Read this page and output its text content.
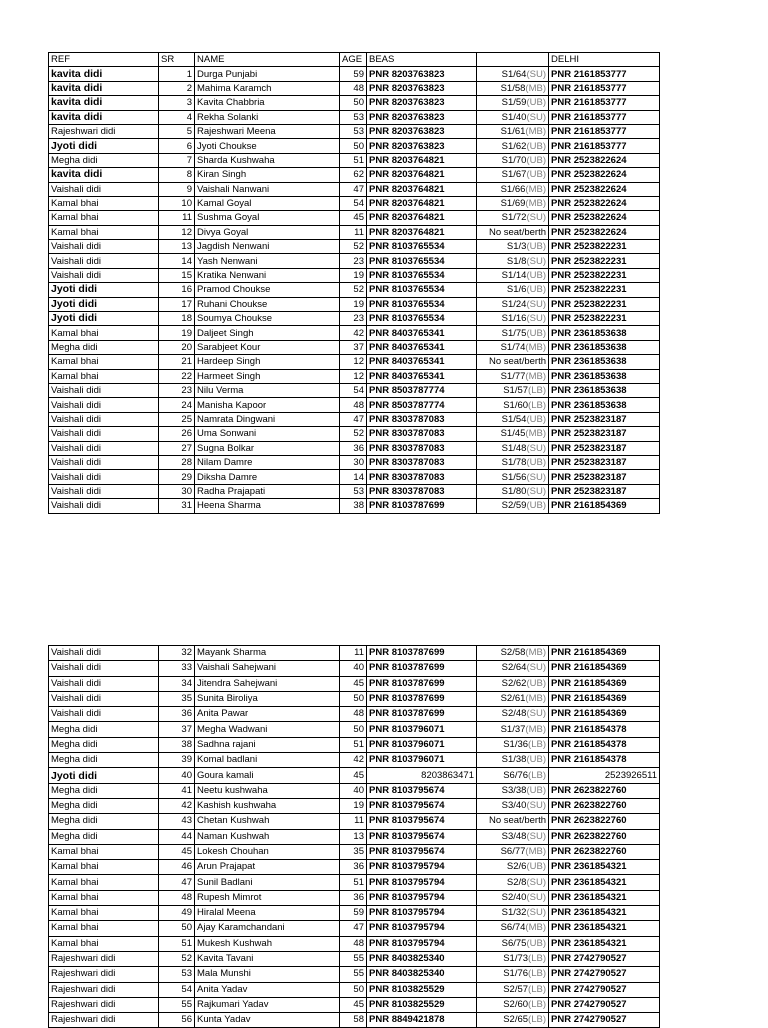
REF	SR	NAME	AGE	BEAS		DELHI
kavita didi	1	Durga Punjabi	59	PNR 8203763823	S1/64(SU)	PNR 2161853777
kavita didi	2	Mahima Karamch	48	PNR 8203763823	S1/58(MB)	PNR 2161853777
kavita didi	3	Kavita Chabbria	50	PNR 8203763823	S1/59(UB)	PNR 2161853777
kavita didi	4	Rekha Solanki	53	PNR 8203763823	S1/40(SU)	PNR 2161853777
Rajeshwari didi	5	Rajeshwari Meena	53	PNR 8203763823	S1/61(MB)	PNR 2161853777
Jyoti didi	6	Jyoti Choukse	50	PNR 8203763823	S1/62(UB)	PNR 2161853777
Megha didi	7	Sharda Kushwaha	51	PNR 8203764821	S1/70(UB)	PNR 2523822624
kavita didi	8	Kiran Singh	62	PNR 8203764821	S1/67(UB)	PNR 2523822624
Vaishali didi	9	Vaishali Nanwani	47	PNR 8203764821	S1/66(MB)	PNR 2523822624
Kamal bhai	10	Kamal Goyal	54	PNR 8203764821	S1/69(MB)	PNR 2523822624
Kamal bhai	11	Sushma Goyal	45	PNR 8203764821	S1/72(SU)	PNR 2523822624
Kamal bhai	12	Divya Goyal	11	PNR 8203764821	No seat/berth	PNR 2523822624
Vaishali didi	13	Jagdish Nenwani	52	PNR 8103765534	S1/3(UB)	PNR 2523822231
Vaishali didi	14	Yash Nenwani	23	PNR 8103765534	S1/8(SU)	PNR 2523822231
Vaishali didi	15	Kratika Nenwani	19	PNR 8103765534	S1/14(UB)	PNR 2523822231
Jyoti didi	16	Pramod Choukse	52	PNR 8103765534	S1/6(UB)	PNR 2523822231
Jyoti didi	17	Ruhani Choukse	19	PNR 8103765534	S1/24(SU)	PNR 2523822231
Jyoti didi	18	Soumya Choukse	23	PNR 8103765534	S1/16(SU)	PNR 2523822231
Kamal bhai	19	Daljeet Singh	42	PNR 8403765341	S1/75(UB)	PNR 2361853638
Megha didi	20	Sarabjeet Kour	37	PNR 8403765341	S1/74(MB)	PNR 2361853638
Kamal bhai	21	Hardeep Singh	12	PNR 8403765341	No seat/berth	PNR 2361853638
Kamal bhai	22	Harmeet Singh	12	PNR 8403765341	S1/77(MB)	PNR 2361853638
Vaishali didi	23	Nilu Verma	54	PNR 8503787774	S1/57(LB)	PNR 2361853638
Vaishali didi	24	Manisha Kapoor	48	PNR 8503787774	S1/60(LB)	PNR 2361853638
Vaishali didi	25	Namrata Dingwani	47	PNR 8303787083	S1/54(UB)	PNR 2523823187
Vaishali didi	26	Uma Sonwani	52	PNR 8303787083	S1/45(MB)	PNR 2523823187
Vaishali didi	27	Sugna Bolkar	36	PNR 8303787083	S1/48(SU)	PNR 2523823187
Vaishali didi	28	Nilam Damre	30	PNR 8303787083	S1/78(UB)	PNR 2523823187
Vaishali didi	29	Diksha Damre	14	PNR 8303787083	S1/56(SU)	PNR 2523823187
Vaishali didi	30	Radha Prajapati	53	PNR 8303787083	S1/80(SU)	PNR 2523823187
Vaishali didi	31	Heena Sharma	38	PNR 8103787699	S2/59(UB)	PNR 2161854369
Vaishali didi	32	Mayank Sharma	11	PNR 8103787699	S2/58(MB)	PNR 2161854369
Vaishali didi	33	Vaishali Sahejwani	40	PNR 8103787699	S2/64(SU)	PNR 2161854369
Vaishali didi	34	Jitendra Sahejwani	45	PNR 8103787699	S2/62(UB)	PNR 2161854369
Vaishali didi	35	Sunita Biroliya	50	PNR 8103787699	S2/61(MB)	PNR 2161854369
Vaishali didi	36	Anita Pawar	48	PNR 8103787699	S2/48(SU)	PNR 2161854369
Megha didi	37	Megha Wadwani	50	PNR 8103796071	S1/37(MB)	PNR 2161854378
Megha didi	38	Sadhna rajani	51	PNR 8103796071	S1/36(LB)	PNR 2161854378
Megha didi	39	Komal badlani	42	PNR 8103796071	S1/38(UB)	PNR 2161854378
Jyoti didi	40	Goura kamali	45	8203863471	S6/76(LB)	2523926511
Megha didi	41	Neetu kushwaha	40	PNR 8103795674	S3/38(UB)	PNR 2623822760
Megha didi	42	Kashish kushwaha	19	PNR 8103795674	S3/40(SU)	PNR 2623822760
Megha didi	43	Chetan Kushwah	11	PNR 8103795674	No seat/berth	PNR 2623822760
Megha didi	44	Naman Kushwah	13	PNR 8103795674	S3/48(SU)	PNR 2623822760
Kamal bhai	45	Lokesh Chouhan	35	PNR 8103795674	S6/77(MB)	PNR 2623822760
Kamal bhai	46	Arun Prajapat	36	PNR 8103795794	S2/6(UB)	PNR 2361854321
Kamal bhai	47	Sunil Badlani	51	PNR 8103795794	S2/8(SU)	PNR 2361854321
Kamal bhai	48	Rupesh Mimrot	36	PNR 8103795794	S2/40(SU)	PNR 2361854321
Kamal bhai	49	Hiralal Meena	59	PNR 8103795794	S1/32(SU)	PNR 2361854321
Kamal bhai	50	Ajay Karamchandani	47	PNR 8103795794	S6/74(MB)	PNR 2361854321
Kamal bhai	51	Mukesh Kushwah	48	PNR 8103795794	S6/75(UB)	PNR 2361854321
Rajeshwari didi	52	Kavita Tavani	55	PNR 8403825340	S1/73(LB)	PNR 2742790527
Rajeshwari didi	53	Mala Munshi	55	PNR 8403825340	S1/76(LB)	PNR 2742790527
Rajeshwari didi	54	Anita Yadav	50	PNR 8103825529	S2/57(LB)	PNR 2742790527
Rajeshwari didi	55	Rajkumari Yadav	45	PNR 8103825529	S2/60(LB)	PNR 2742790527
Rajeshwari didi	56	Kunta Yadav	58	PNR 8849421878	S2/65(LB)	PNR 2742790527
